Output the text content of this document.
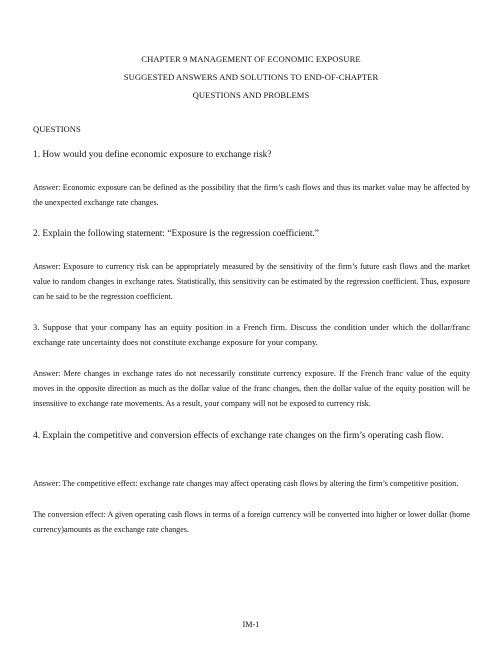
CHAPTER 9 MANAGEMENT OF ECONOMIC EXPOSURE
SUGGESTED ANSWERS AND SOLUTIONS TO END-OF-CHAPTER
QUESTIONS AND PROBLEMS
QUESTIONS
1. How would you define economic exposure to exchange risk?
Answer: Economic exposure can be defined as the possibility that the firm’s cash flows and thus its market value may be affected by the unexpected exchange rate changes.
2. Explain the following statement: “Exposure is the regression coefficient.”
Answer: Exposure to currency risk can be appropriately measured by the sensitivity of the firm’s future cash flows and the market value to random changes in exchange rates. Statistically, this sensitivity can be estimated by the regression coefficient. Thus, exposure can be said to be the regression coefficient.
3. Suppose that your company has an equity position in a French firm. Discuss the condition under which the dollar/franc exchange rate uncertainty does not constitute exchange exposure for your company.
Answer: Mere changes in exchange rates do not necessarily constitute currency exposure. If the French franc value of the equity moves in the opposite direction as much as the dollar value of the franc changes, then the dollar value of the equity position will be insensitive to exchange rate movements. As a result, your company will not be exposed to currency risk.
4. Explain the competitive and conversion effects of exchange rate changes on the firm’s operating cash flow.
Answer: The competitive effect: exchange rate changes may affect operating cash flows by altering the firm’s competitive position.
The conversion effect: A given operating cash flows in terms of a foreign currency will be converted into higher or lower dollar (home currency)amounts as the exchange rate changes.
IM-1
